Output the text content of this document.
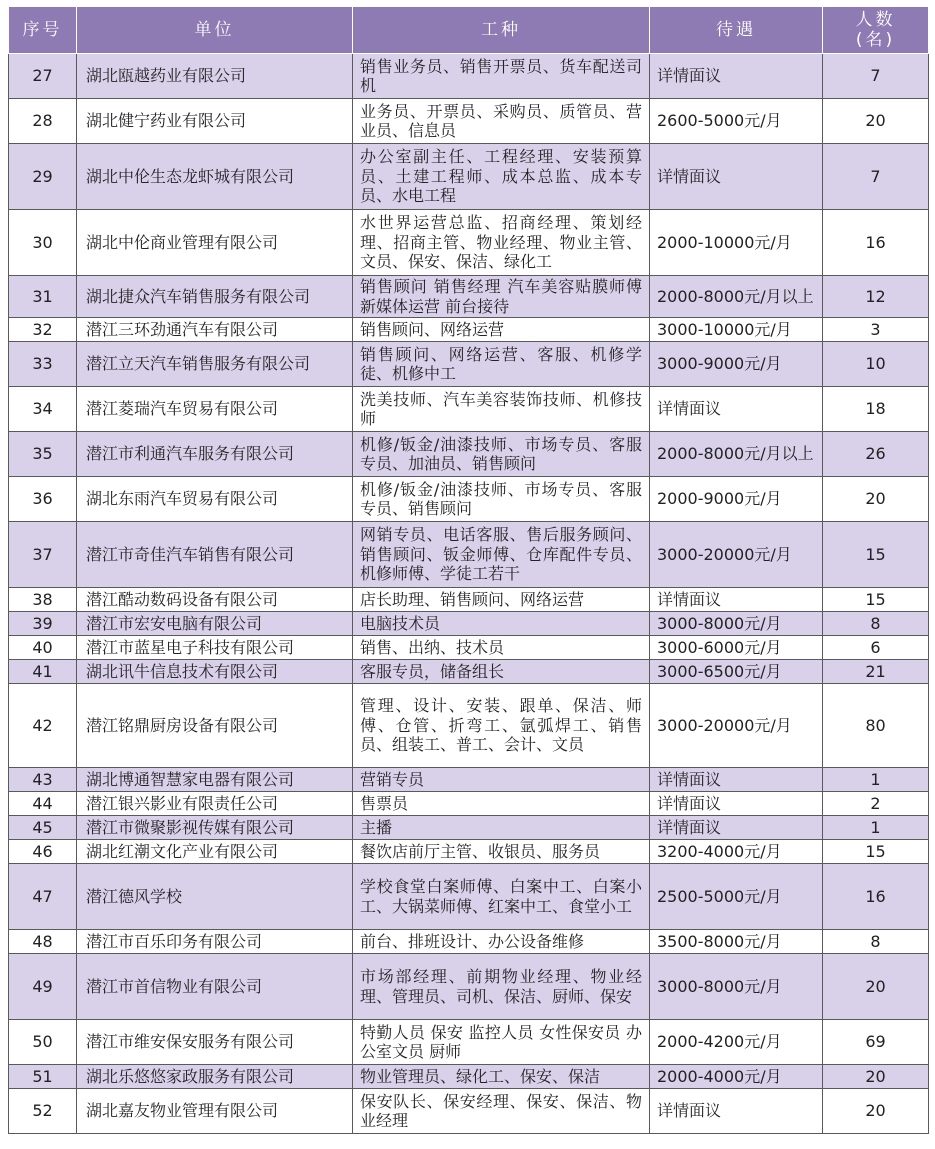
序号	单位	工种	待遇	人数
(名)

27	湖北瓯越药业有限公司	销售业务员、销售开票员、货车配送司机	详情面议	7
28	湖北健宁药业有限公司	业务员、开票员、采购员、质管员、营业员、信息员	2600-5000元/月	20
29	湖北中伦生态龙虾城有限公司	办公室副主任、工程经理、安装预算员、土建工程师、成本总监、成本专员、水电工程	详情面议	7
30	湖北中伦商业管理有限公司	水世界运营总监、招商经理、策划经理、招商主管、物业经理、物业主管、文员、保安、保洁、绿化工	2000-10000元/月	16
31	湖北捷众汽车销售服务有限公司	销售顾问 销售经理 汽车美容贴膜师傅 新媒体运营 前台接待	2000-8000元/月以上	12
32	潜江三环劲通汽车有限公司	销售顾问、网络运营	3000-10000元/月	3
33	潜江立天汽车销售服务有限公司	销售顾问、网络运营、客服、机修学徒、机修中工	3000-9000元/月	10
34	潜江菱瑞汽车贸易有限公司	洗美技师、汽车美容装饰技师、机修技师	详情面议	18
35	潜江市利通汽车服务有限公司	机修/钣金/油漆技师、市场专员、客服专员、加油员、销售顾问	2000-8000元/月以上	26
36	湖北东雨汽车贸易有限公司	机修/钣金/油漆技师、市场专员、客服专员、销售顾问	2000-9000元/月	20
37	潜江市奇佳汽车销售有限公司	网销专员、电话客服、售后服务顾问、销售顾问、钣金师傅、仓库配件专员、机修师傅、学徒工若干	3000-20000元/月	15
38	潜江酷动数码设备有限公司	店长助理、销售顾问、网络运营	详情面议	15
39	潜江市宏安电脑有限公司	电脑技术员	3000-8000元/月	8
40	潜江市蓝星电子科技有限公司	销售、出纳、技术员	3000-6000元/月	6
41	湖北讯牛信息技术有限公司	客服专员，储备组长	3000-6500元/月	21
42	潜江铭鼎厨房设备有限公司	管理、设计、安装、跟单、保洁、师傅、仓管、折弯工、氩弧焊工、销售员、组装工、普工、会计、文员	3000-20000元/月	80
43	湖北博通智慧家电器有限公司	营销专员	详情面议	1
44	潜江银兴影业有限责任公司	售票员	详情面议	2
45	潜江市微聚影视传媒有限公司	主播	详情面议	1
46	湖北红潮文化产业有限公司	餐饮店前厅主管、收银员、服务员	3200-4000元/月	15
47	潜江德风学校	学校食堂白案师傅、白案中工、白案小工、大锅菜师傅、红案中工、食堂小工	2500-5000元/月	16
48	潜江市百乐印务有限公司	前台、排班设计、办公设备维修	3500-8000元/月	8
49	潜江市首信物业有限公司	市场部经理、前期物业经理、物业经理、管理员、司机、保洁、厨师、保安	3000-8000元/月	20
50	潜江市维安保安服务有限公司	特勤人员 保安 监控人员 女性保安员 办公室文员 厨师	2000-4200元/月	69
51	湖北乐悠悠家政服务有限公司	物业管理员、绿化工、保安、保洁	2000-4000元/月	20
52	湖北嘉友物业管理有限公司	保安队长、保安经理、保安、保洁、物业经理	详情面议	20
